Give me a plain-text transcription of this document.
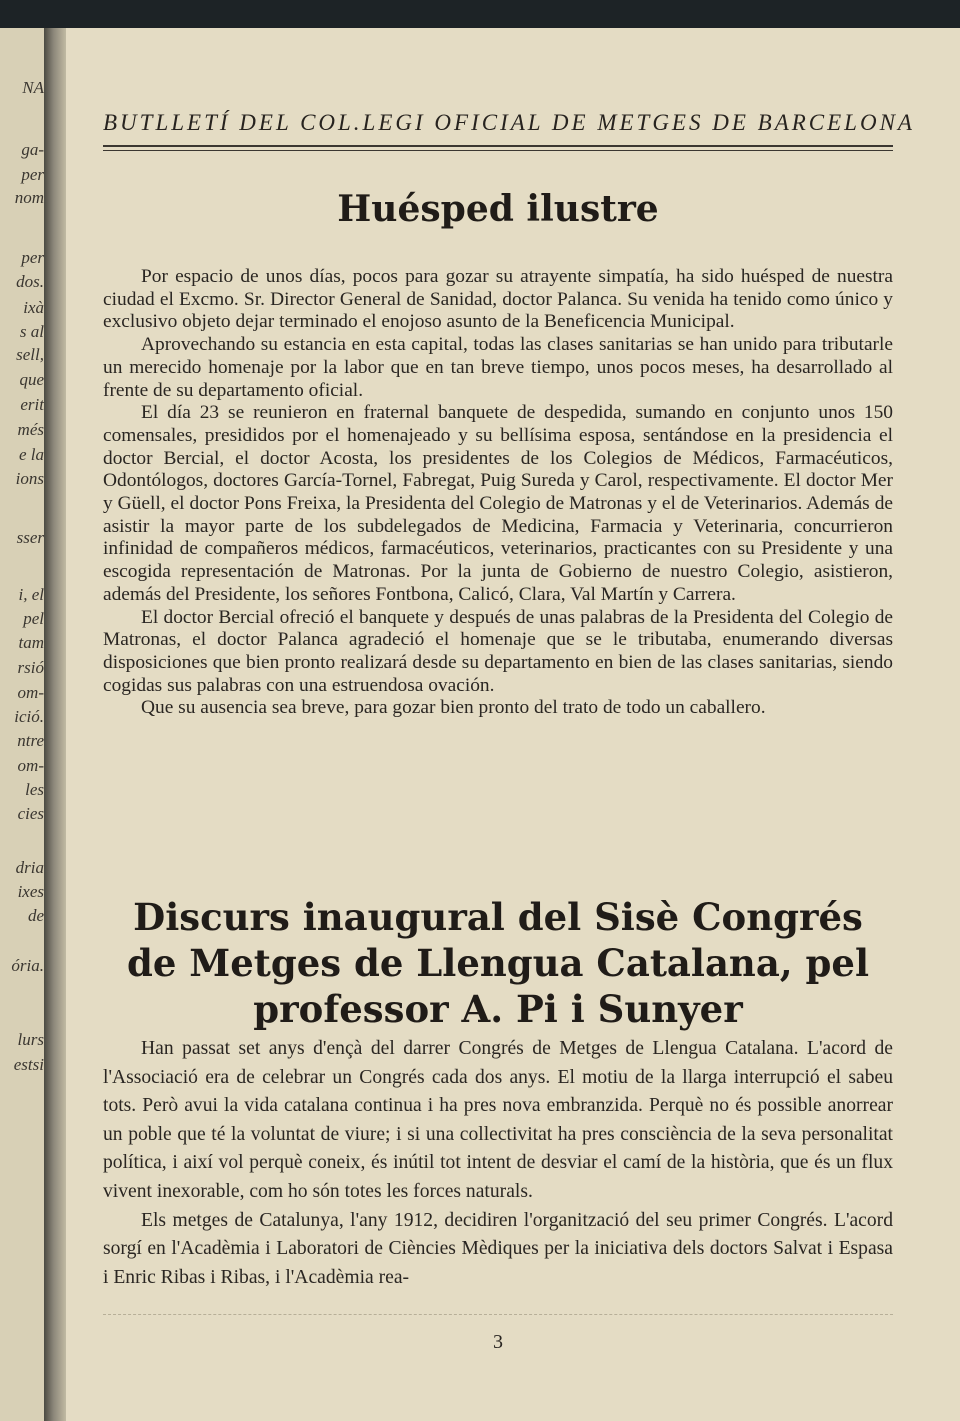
NA
ga-
per
nom
per
dos.
ixà
s al
sell,
que
erit
més
e la
ions
sser
i, el
pel
tam
rsió
om-
ició.
ntre
om-
les
cies
dria
ixes
de
ória.
lurs
estsi
BUTLLETÍ DEL COL.LEGI OFICIAL DE METGES DE BARCELONA
Huésped ilustre

Por espacio de unos días, pocos para gozar su atrayente simpatía, ha sido huésped de nuestra ciudad el Excmo. Sr. Director General de Sanidad, doctor Palanca. Su venida ha tenido como único y exclusivo objeto dejar terminado el enojoso asunto de la Beneficencia Municipal.

Aprovechando su estancia en esta capital, todas las clases sanitarias se han unido para tributarle un merecido homenaje por la labor que en tan breve tiempo, unos pocos meses, ha desarrollado al frente de su departamento oficial.

El día 23 se reunieron en fraternal banquete de despedida, sumando en conjunto unos 150 comensales, presididos por el homenajeado y su bellísima esposa, sentándose en la presidencia el doctor Bercial, el doctor Acosta, los presidentes de los Colegios de Médicos, Farmacéuticos, Odontólogos, doctores García-Tornel, Fabregat, Puig Sureda y Carol, respectivamente. El doctor Mer y Güell, el doctor Pons Freixa, la Presidenta del Colegio de Matronas y el de Veterinarios. Además de asistir la mayor parte de los subdelegados de Medicina, Farmacia y Veterinaria, concurrieron infinidad de compañeros médicos, farmacéuticos, veterinarios, practicantes con su Presidente y una escogida representación de Matronas. Por la junta de Gobierno de nuestro Colegio, asistieron, además del Presidente, los señores Fontbona, Calicó, Clara, Val Martín y Carrera.

El doctor Bercial ofreció el banquete y después de unas palabras de la Presidenta del Colegio de Matronas, el doctor Palanca agradeció el homenaje que se le tributaba, enumerando diversas disposiciones que bien pronto realizará desde su departamento en bien de las clases sanitarias, siendo cogidas sus palabras con una estruendosa ovación.

Que su ausencia sea breve, para gozar bien pronto del trato de todo un caballero.

Discurs inaugural del Sisè Congrés de Metges de Llengua Catalana, pel professor A. Pi i Sunyer

Han passat set anys d'ençà del darrer Congrés de Metges de Llengua Catalana. L'acord de l'Associació era de celebrar un Congrés cada dos anys. El motiu de la llarga interrupció el sabeu tots. Però avui la vida catalana continua i ha pres nova embranzida. Perquè no és possible anorrear un poble que té la voluntat de viure; i si una collectivitat ha pres consciència de la seva personalitat política, i així vol perquè coneix, és inútil tot intent de desviar el camí de la història, que és un flux vivent inexorable, com ho són totes les forces naturals.

Els metges de Catalunya, l'any 1912, decidiren l'organització del seu primer Congrés. L'acord sorgí en l'Acadèmia i Laboratori de Ciències Mèdiques per la iniciativa dels doctors Salvat i Espasa i Enric Ribas i Ribas, i l'Acadèmia rea-

3
